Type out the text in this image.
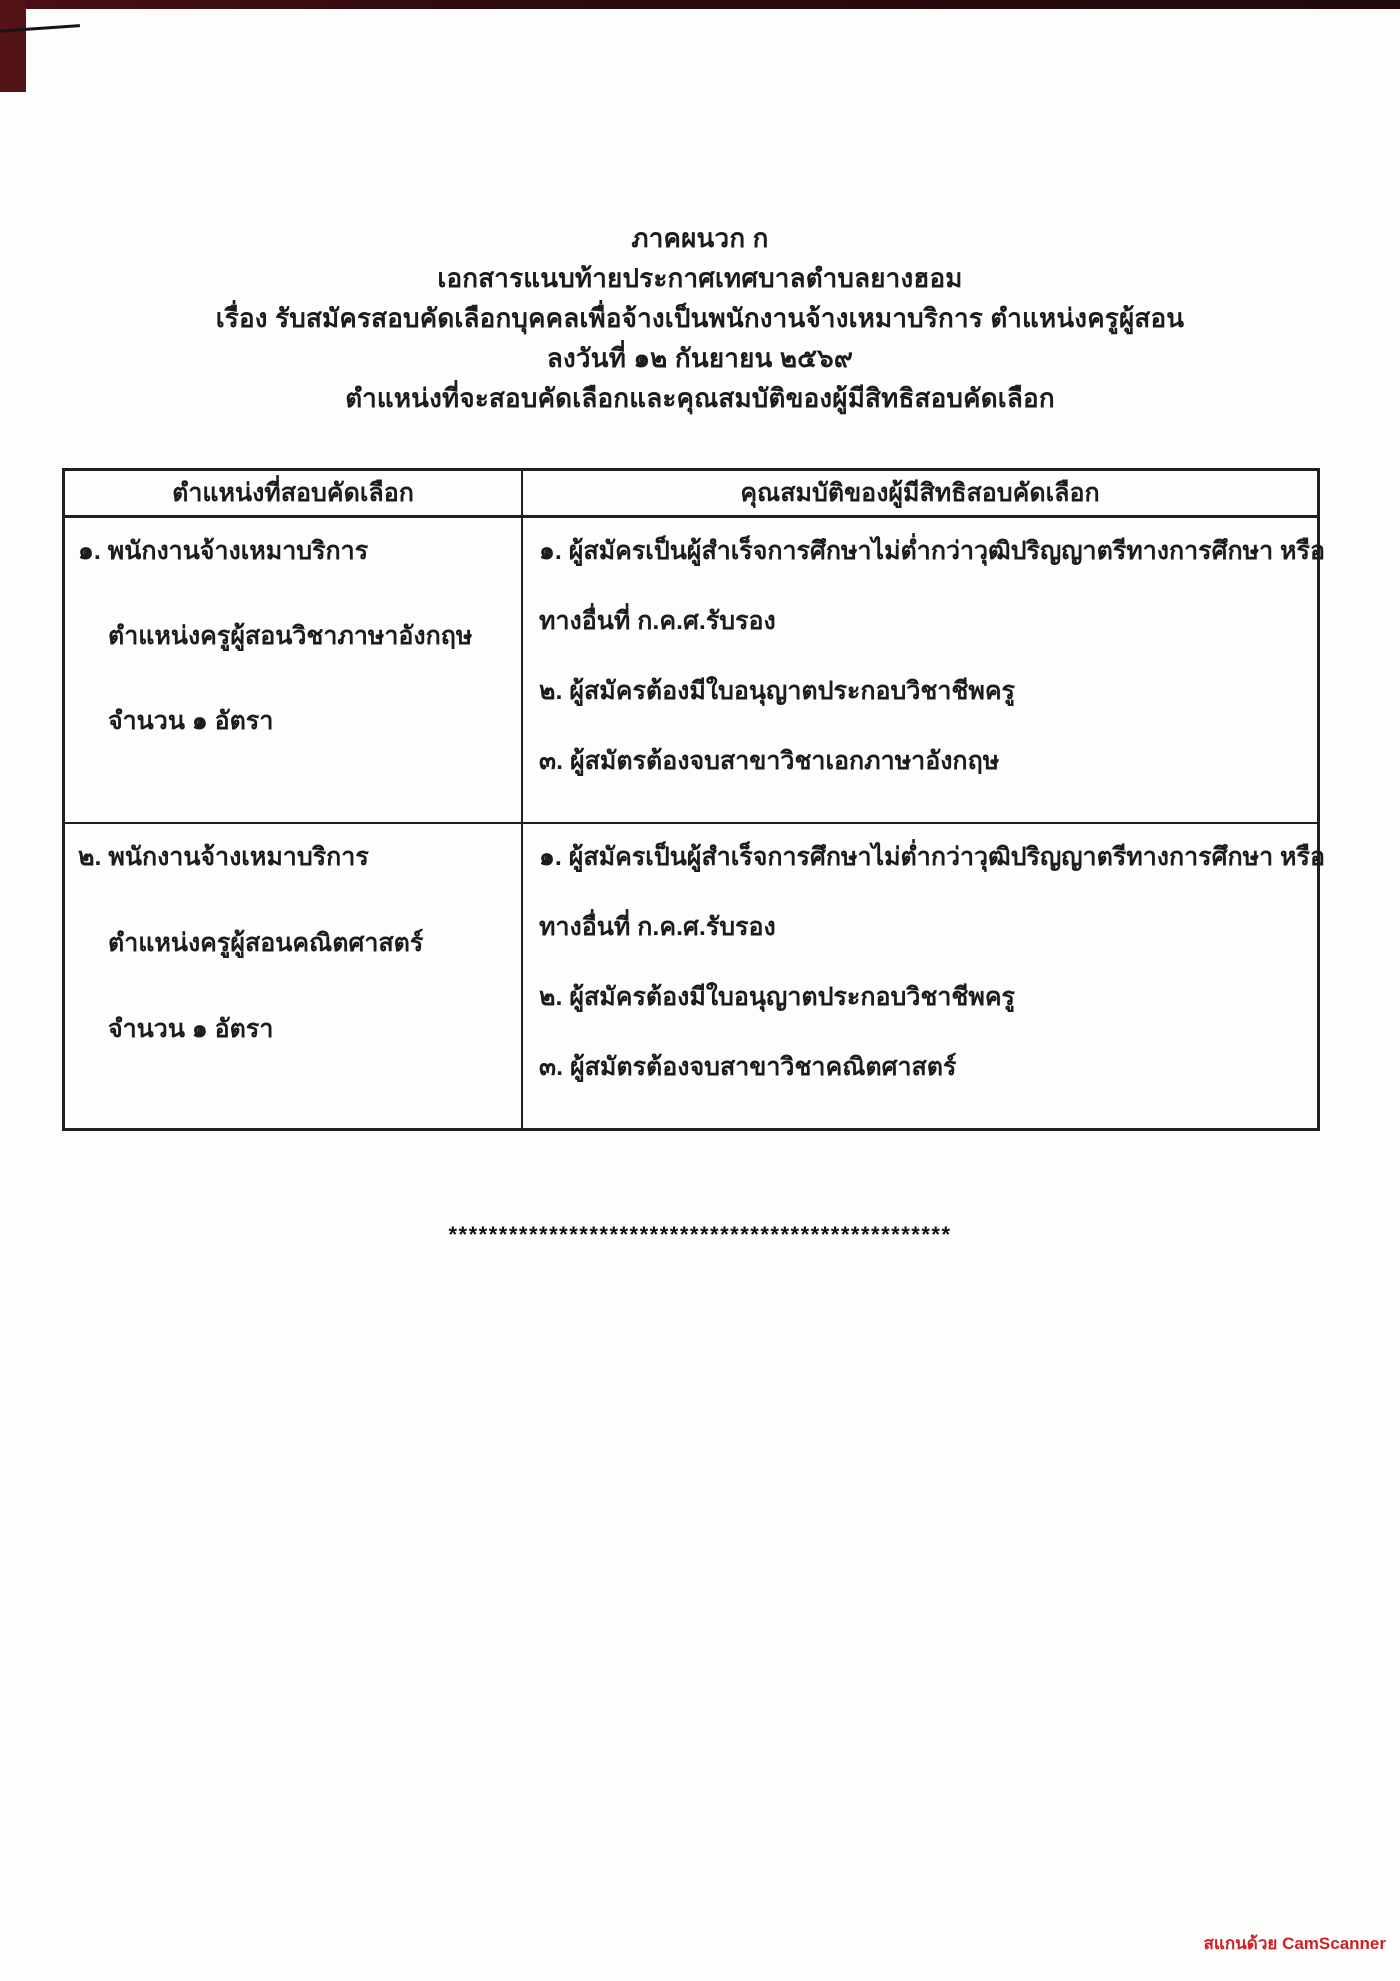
ภาคผนวก ก
เอกสารแนบท้ายประกาศเทศบาลตำบลยางฮอม
เรื่อง รับสมัครสอบคัดเลือกบุคคลเพื่อจ้างเป็นพนักงานจ้างเหมาบริการ ตำแหน่งครูผู้สอน
ลงวันที่ ๑๒ กันยายน ๒๕๖๙
ตำแหน่งที่จะสอบคัดเลือกและคุณสมบัติของผู้มีสิทธิสอบคัดเลือก
ตำแหน่งที่สอบคัดเลือก	คุณสมบัติของผู้มีสิทธิสอบคัดเลือก
๑. พนักงานจ้างเหมาบริการ
ตำแหน่งครูผู้สอนวิชาภาษาอังกฤษ
จำนวน ๑ อัตรา
๑. ผู้สมัครเป็นผู้สำเร็จการศึกษาไม่ต่ำกว่าวุฒิปริญญาตรีทางการศึกษา หรือ
ทางอื่นที่ ก.ค.ศ.รับรอง
๒. ผู้สมัครต้องมีใบอนุญาตประกอบวิชาชีพครู
๓. ผู้สมัตรต้องจบสาขาวิชาเอกภาษาอังกฤษ
๒. พนักงานจ้างเหมาบริการ
ตำแหน่งครูผู้สอนคณิตศาสตร์
จำนวน ๑ อัตรา
๑. ผู้สมัครเป็นผู้สำเร็จการศึกษาไม่ต่ำกว่าวุฒิปริญญาตรีทางการศึกษา หรือ
ทางอื่นที่ ก.ค.ศ.รับรอง
๒. ผู้สมัครต้องมีใบอนุญาตประกอบวิชาชีพครู
๓. ผู้สมัตรต้องจบสาขาวิชาคณิตศาสตร์
**************************************************
สแกนด้วย CamScanner
